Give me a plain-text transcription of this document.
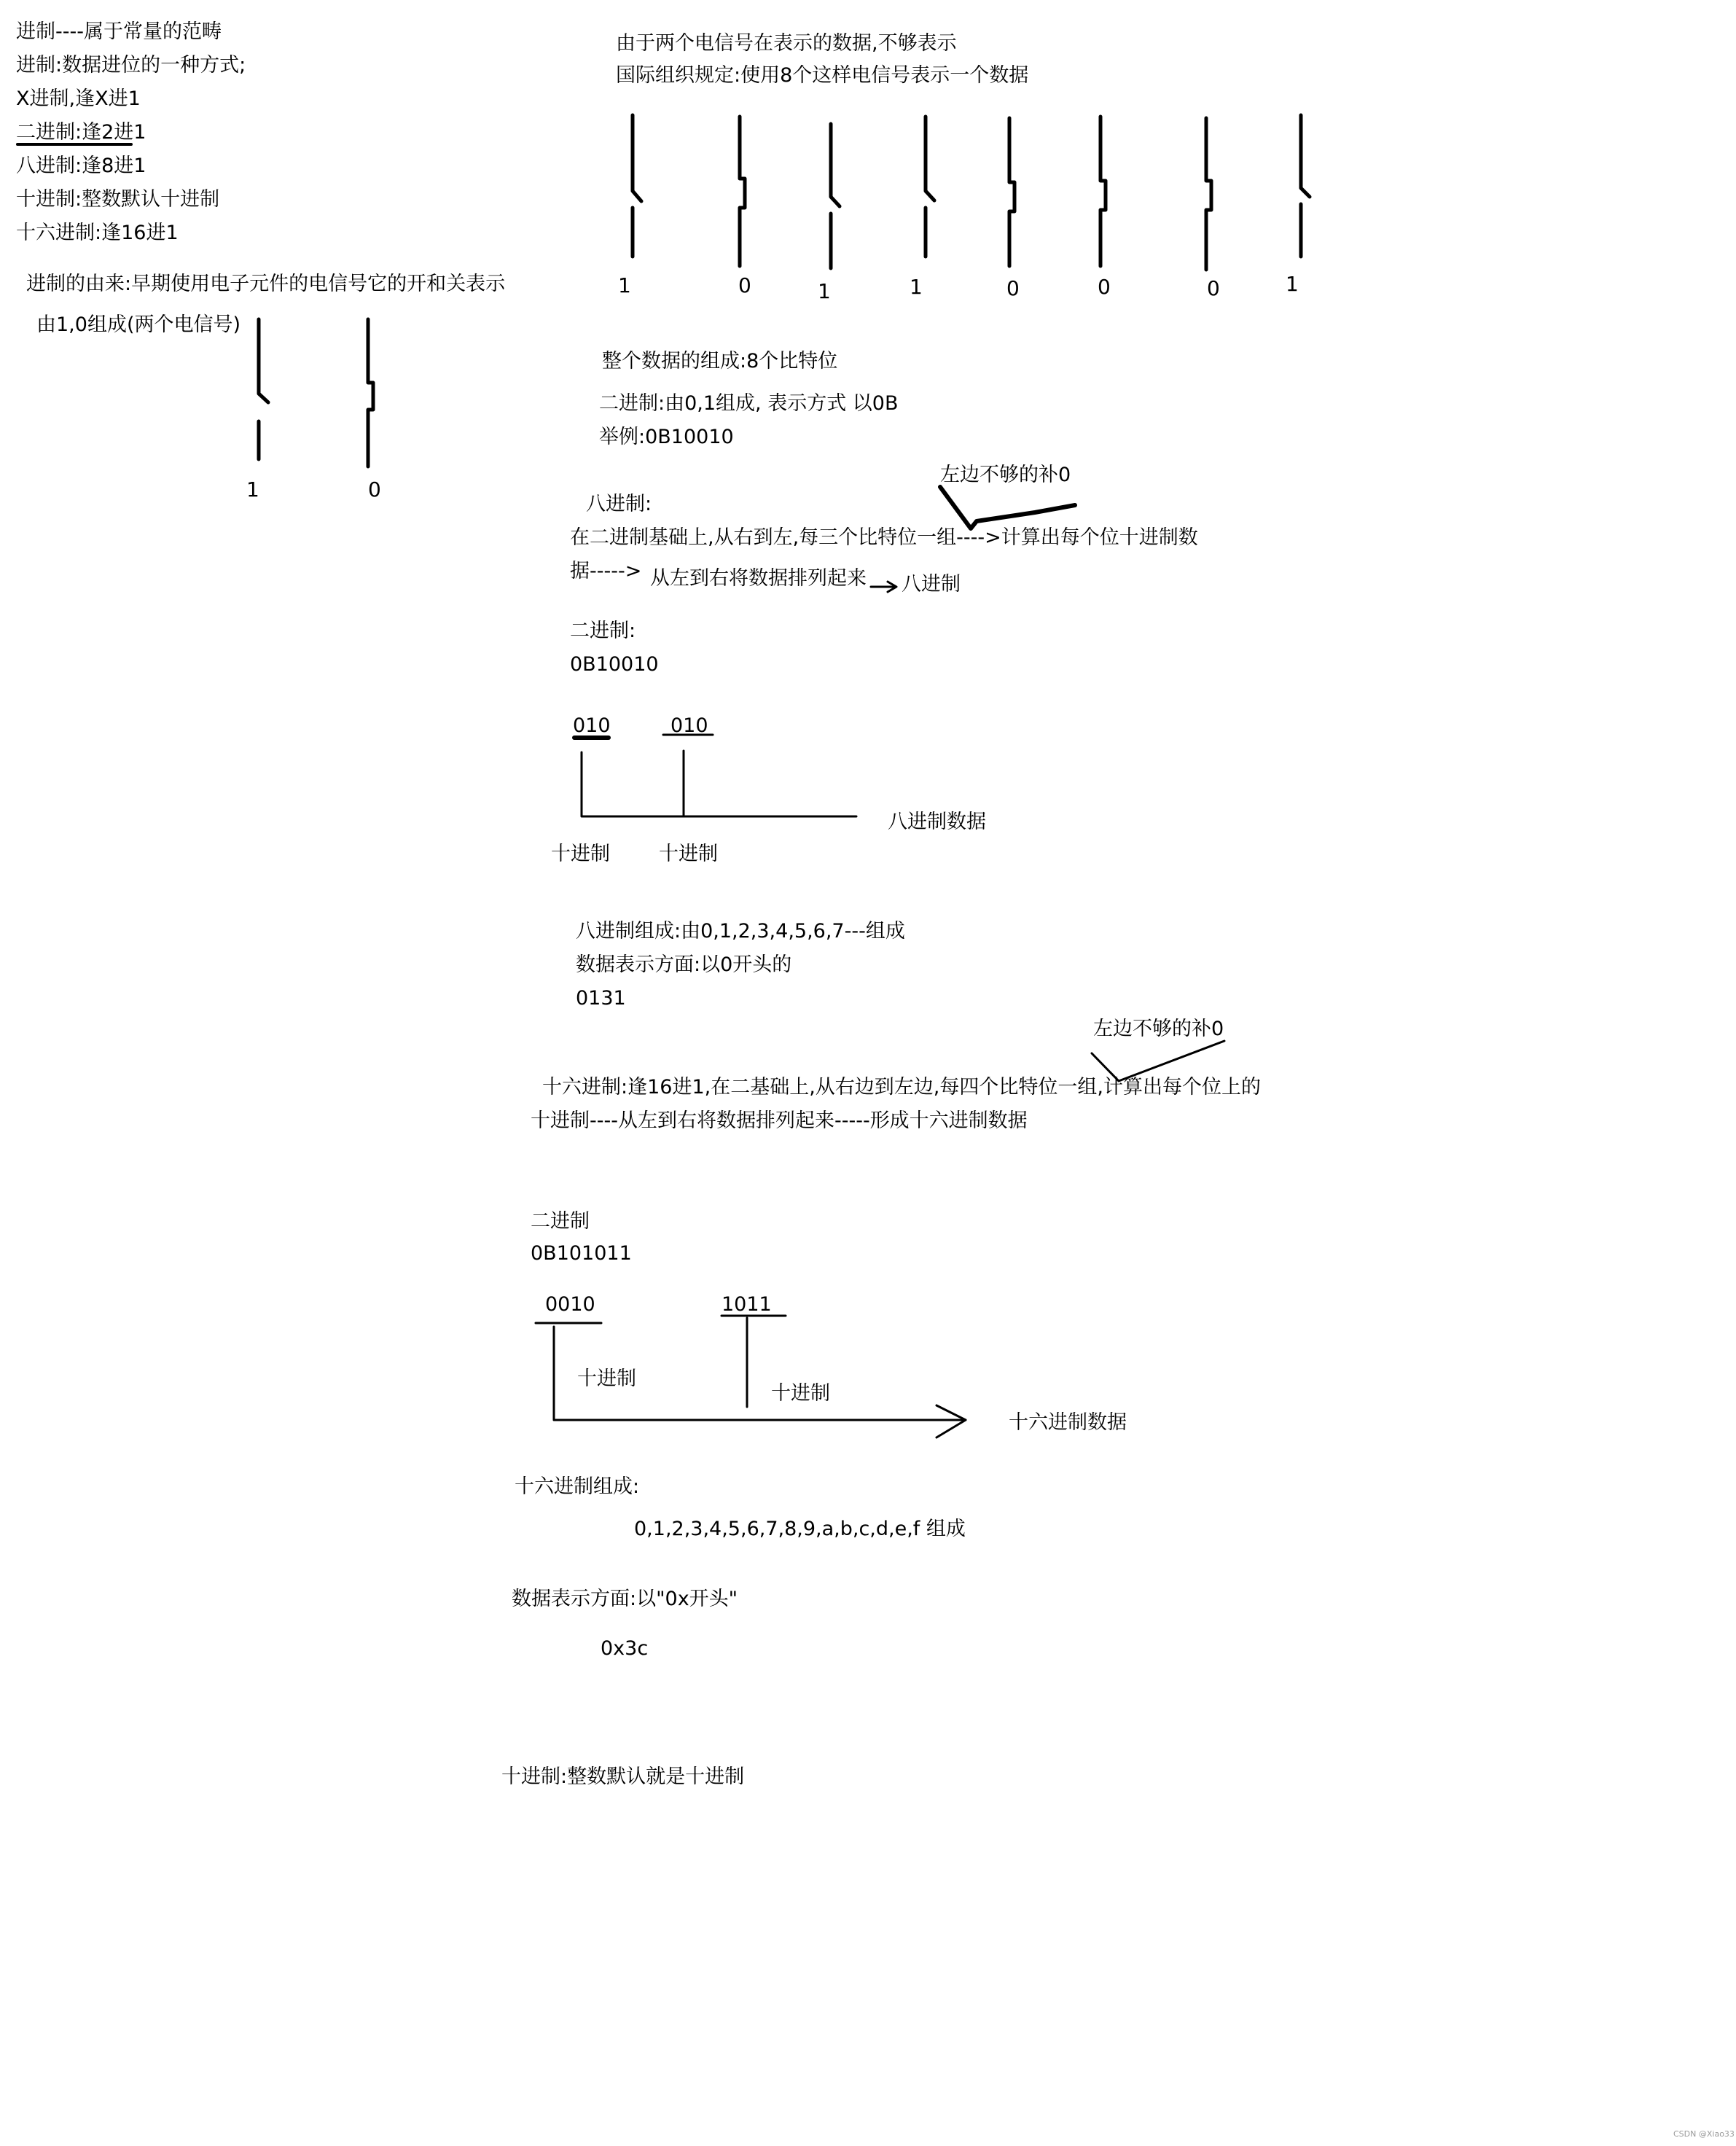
进制----属于常量的范畴
进制:数据进位的一种方式;
X进制,逢X进1
二进制:逢2进1
八进制:逢8进1
十进制:整数默认十进制
十六进制:逢16进1
进制的由来:早期使用电子元件的电信号它的开和关表示
由1,0组成(两个电信号)
1	0
由于两个电信号在表示的数据,不够表示
国际组织规定:使用8个这样电信号表示一个数据
1	0	1	1	0	0	0	1
整个数据的组成:8个比特位
二进制:由0,1组成, 表示方式 以0B
举例:0B10010
左边不够的补0
八进制:
在二进制基础上,从右到左,每三个比特位一组---->计算出每个位十进制数
据-----> 从左到右将数据排列起来 八进制
二进制:
0B10010
010	010
八进制数据
十进制 十进制
八进制组成:由0,1,2,3,4,5,6,7---组成
数据表示方面:以0开头的
0131
左边不够的补0
十六进制:逢16进1,在二基础上,从右边到左边,每四个比特位一组,计算出每个位上的
十进制----从左到右将数据排列起来-----形成十六进制数据
二进制
0B101011
0010	1011
十进制
十进制
十六进制数据
十六进制组成:
0,1,2,3,4,5,6,7,8,9,a,b,c,d,e,f 组成
数据表示方面:以"0x开头"
0x3c
十进制:整数默认就是十进制
CSDN @Xiao33
